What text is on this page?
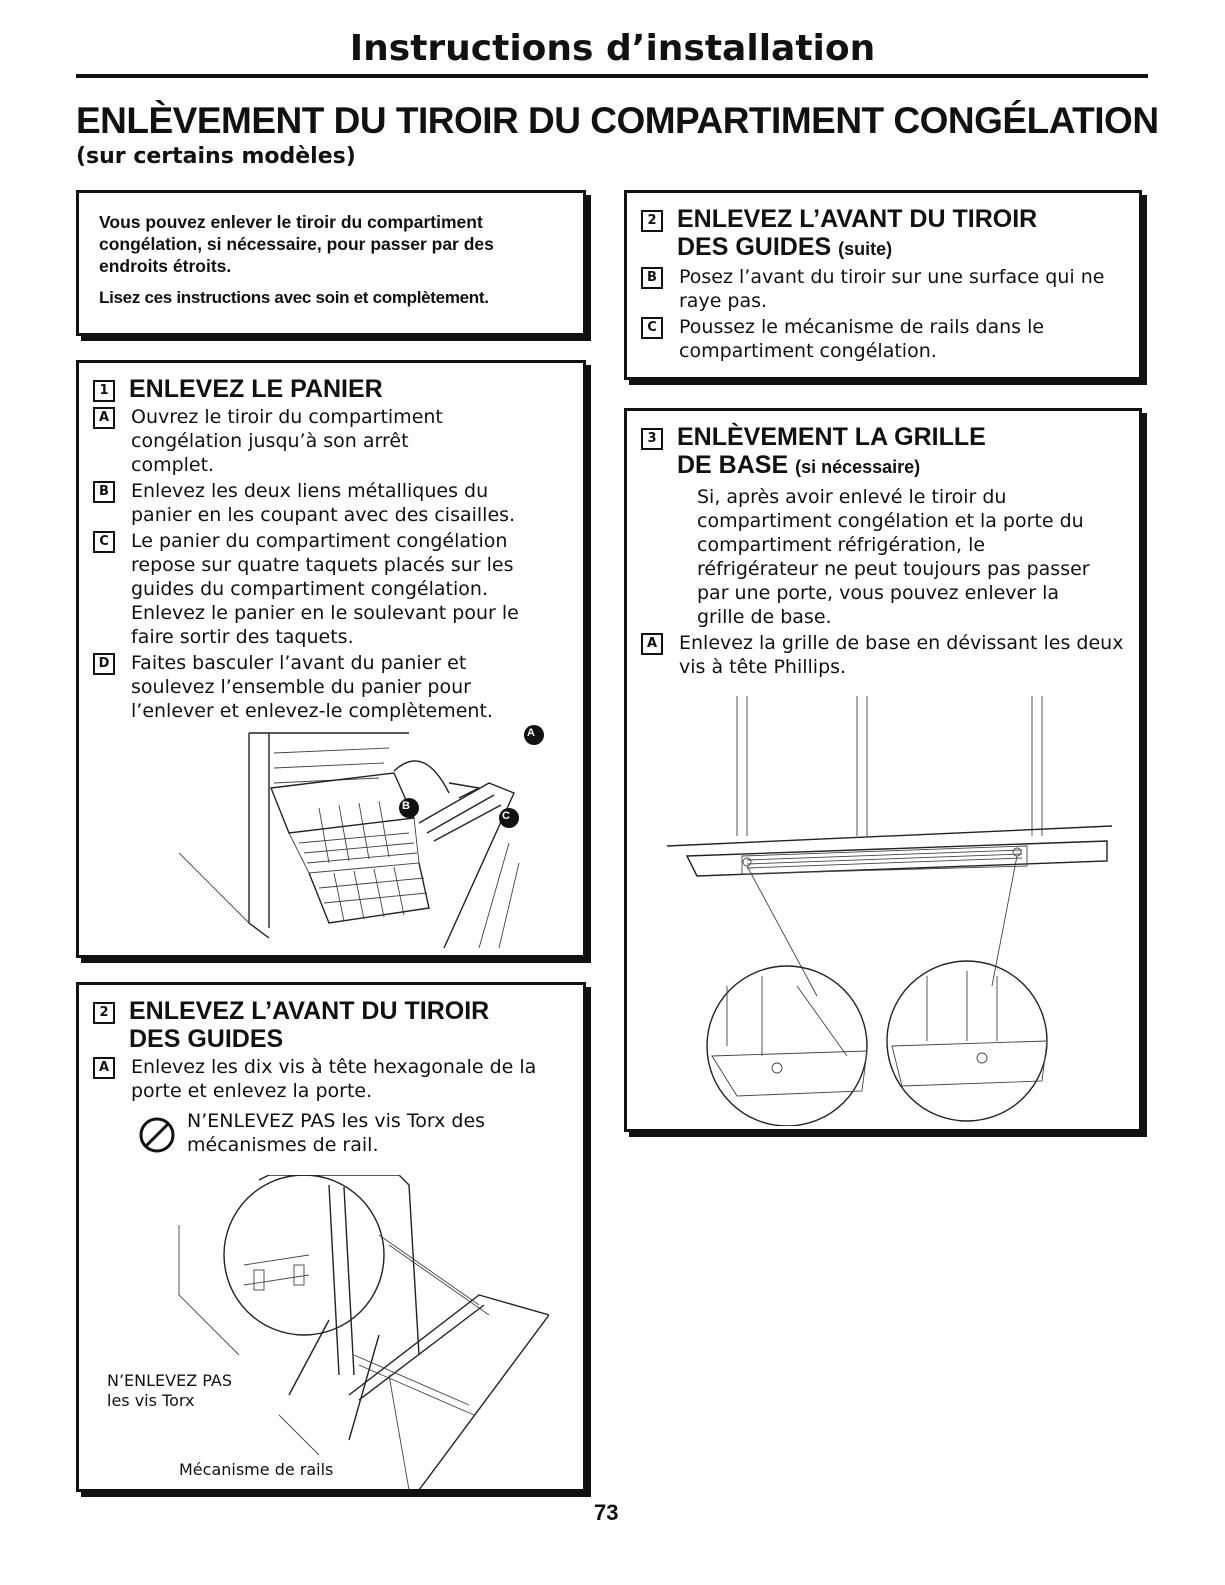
Instructions d’installation
ENLÈVEMENT DU TIROIR DU COMPARTIMENT CONGÉLATION
(sur certains modèles)

Vous pouvez enlever le tiroir du compartiment congélation, si nécessaire, pour passer par des endroits étroits.

Lisez ces instructions avec soin et complètement.

1 ENLEVEZ LE PANIER
A	Ouvrez le tiroir du compartiment congélation jusqu’à son arrêt complet.
B	Enlevez les deux liens métalliques du panier en les coupant avec des cisailles.
C	Le panier du compartiment congélation repose sur quatre taquets placés sur les guides du compartiment congélation. Enlevez le panier en le soulevant pour le faire sortir des taquets.
D Faites basculer l’avant du panier et soulevez l’ensemble du panier pour l’enlever et enlevez-le complètement.
A
B
C
2 ENLEVEZ L’AVANT DU TIROIR DES GUIDES
A	Enlevez les dix vis à tête hexagonale de la porte et enlevez la porte.
N’ENLEVEZ PAS les vis Torx des mécanismes de rail.
N’ENLEVEZ PAS les vis Torx
Mécanisme de rails
2 ENLEVEZ L’AVANT DU TIROIR DES GUIDES (suite)
B	Posez l’avant du tiroir sur une surface qui ne raye pas.
C	Poussez le mécanisme de rails dans le compartiment congélation.
3 ENLÈVEMENT LA GRILLE DE BASE (si nécessaire)
Si, après avoir enlevé le tiroir du compartiment congélation et la porte du compartiment réfrigération, le réfrigérateur ne peut toujours pas passer par une porte, vous pouvez enlever la grille de base.
A	Enlevez la grille de base en dévissant les deux vis à tête Phillips.
73
